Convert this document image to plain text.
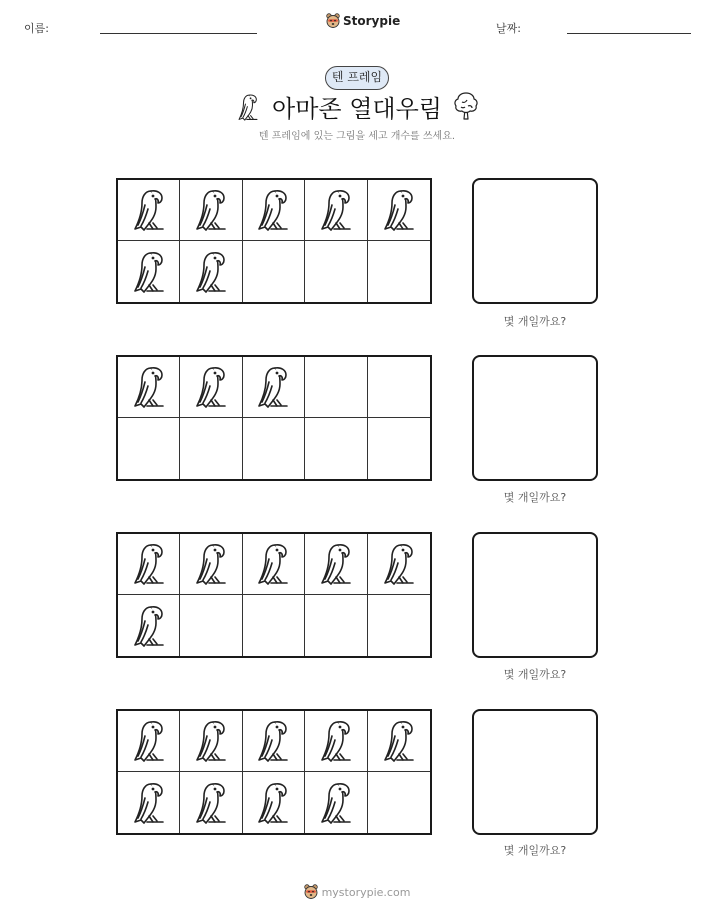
이름:
Storypie
날짜:
텐 프레임
아마존 열대우림
텐 프레임에 있는 그림을 세고 개수를 쓰세요.
몇 개일까요?
몇 개일까요?
몇 개일까요?
몇 개일까요?
mystorypie.com
